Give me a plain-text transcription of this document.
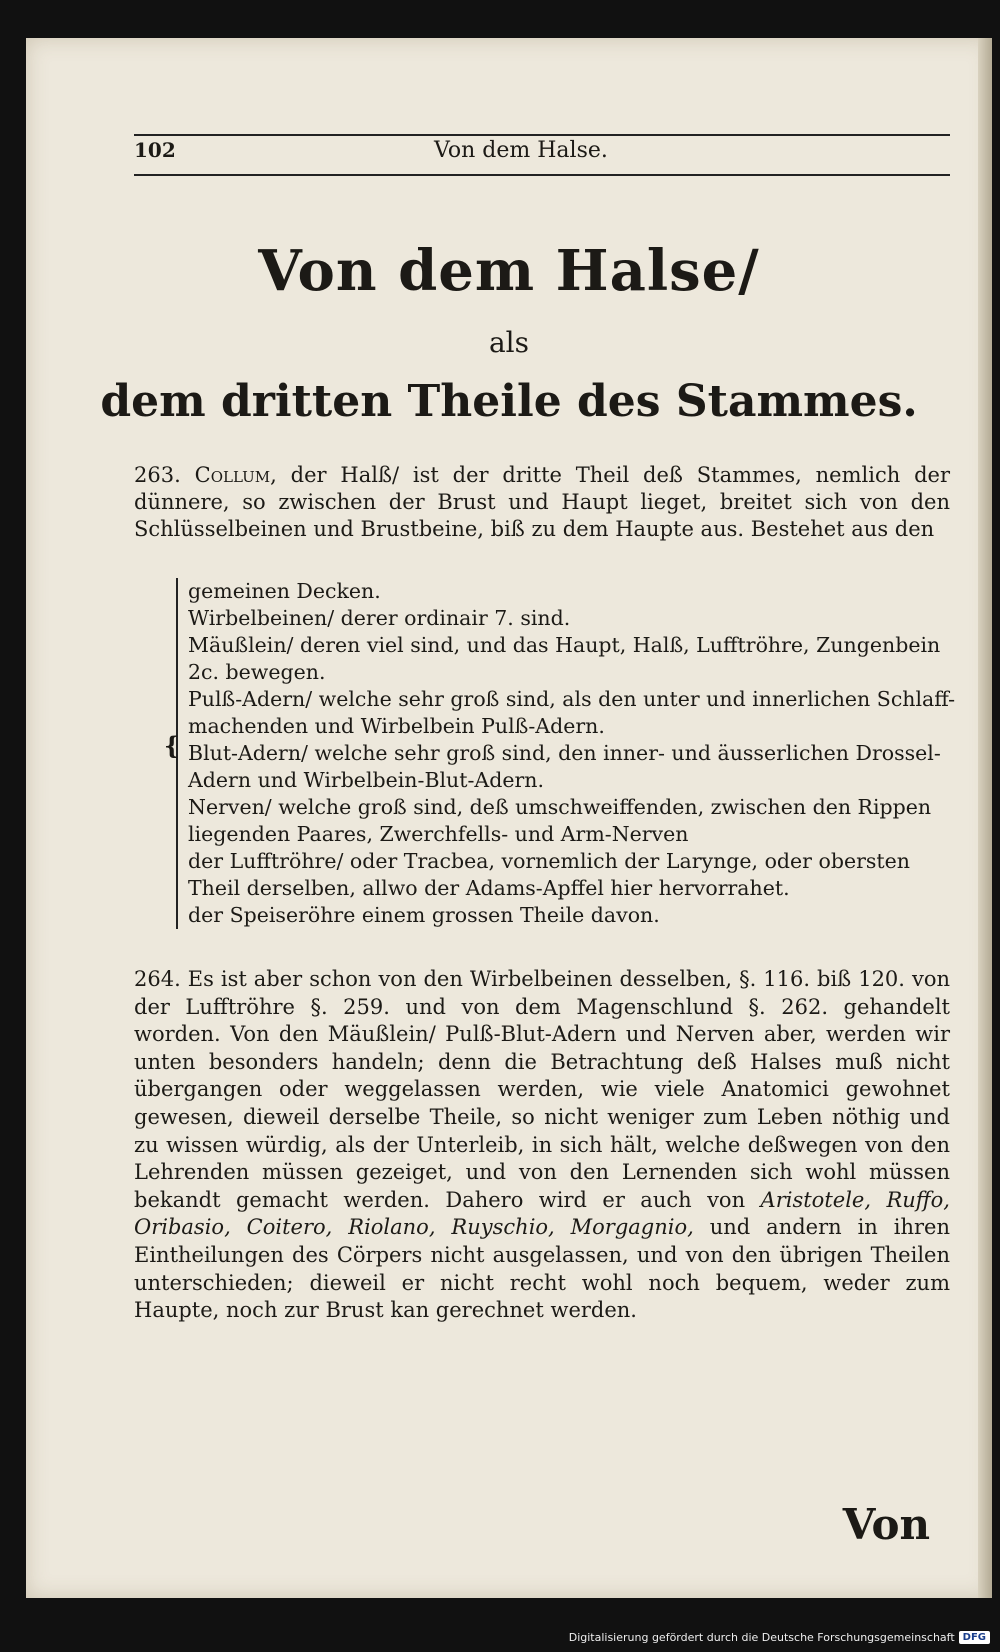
102	Von dem Halse.
Von dem Halse/
als
dem dritten Theile des Stammes.
263. Collum, der Halß/ ist der dritte Theil deß Stammes, nemlich der dünnere, so zwischen der Brust und Haupt lieget, breitet sich von den Schlüsselbeinen und Brustbeine, biß zu dem Haupte aus. Bestehet aus den
{
gemeinen Decken.
Wirbelbeinen/ derer ordinair 7. sind.
Mäußlein/ deren viel sind, und das Haupt, Halß, Lufftröhre, Zungenbein 2c. bewegen.
Pulß-Adern/ welche sehr groß sind, als den unter und innerlichen Schlaff-machenden und Wirbelbein Pulß-Adern.
Blut-Adern/ welche sehr groß sind, den inner- und äusserlichen Drossel-Adern und Wirbelbein-Blut-Adern.
Nerven/ welche groß sind, deß umschweiffenden, zwischen den Rippen liegenden Paares, Zwerchfells- und Arm-Nerven
der Lufftröhre/ oder Tracbea, vornemlich der Larynge, oder obersten Theil derselben, allwo der Adams-Apffel hier hervorrahet.
der Speiseröhre einem grossen Theile davon.
264. Es ist aber schon von den Wirbelbeinen desselben, §. 116. biß 120. von der Lufftröhre §. 259. und von dem Magenschlund §. 262. gehandelt worden. Von den Mäußlein/ Pulß-Blut-Adern und Nerven aber, werden wir unten besonders handeln; denn die Betrachtung deß Halses muß nicht übergangen oder weggelassen werden, wie viele Anatomici gewohnet gewesen, dieweil derselbe Theile, so nicht weniger zum Leben nöthig und zu wissen würdig, als der Unterleib, in sich hält, welche deßwegen von den Lehrenden müssen gezeiget, und von den Lernenden sich wohl müssen bekandt gemacht werden. Dahero wird er auch von Aristotele, Ruffo, Oribasio, Coitero, Riolano, Ruyschio, Morgagnio, und andern in ihren Eintheilungen des Cörpers nicht ausgelassen, und von den übrigen Theilen unterschieden; dieweil er nicht recht wohl noch bequem, weder zum Haupte, noch zur Brust kan gerechnet werden.
Von
Digitalisierung gefördert durch die Deutsche Forschungsgemeinschaft DFG
